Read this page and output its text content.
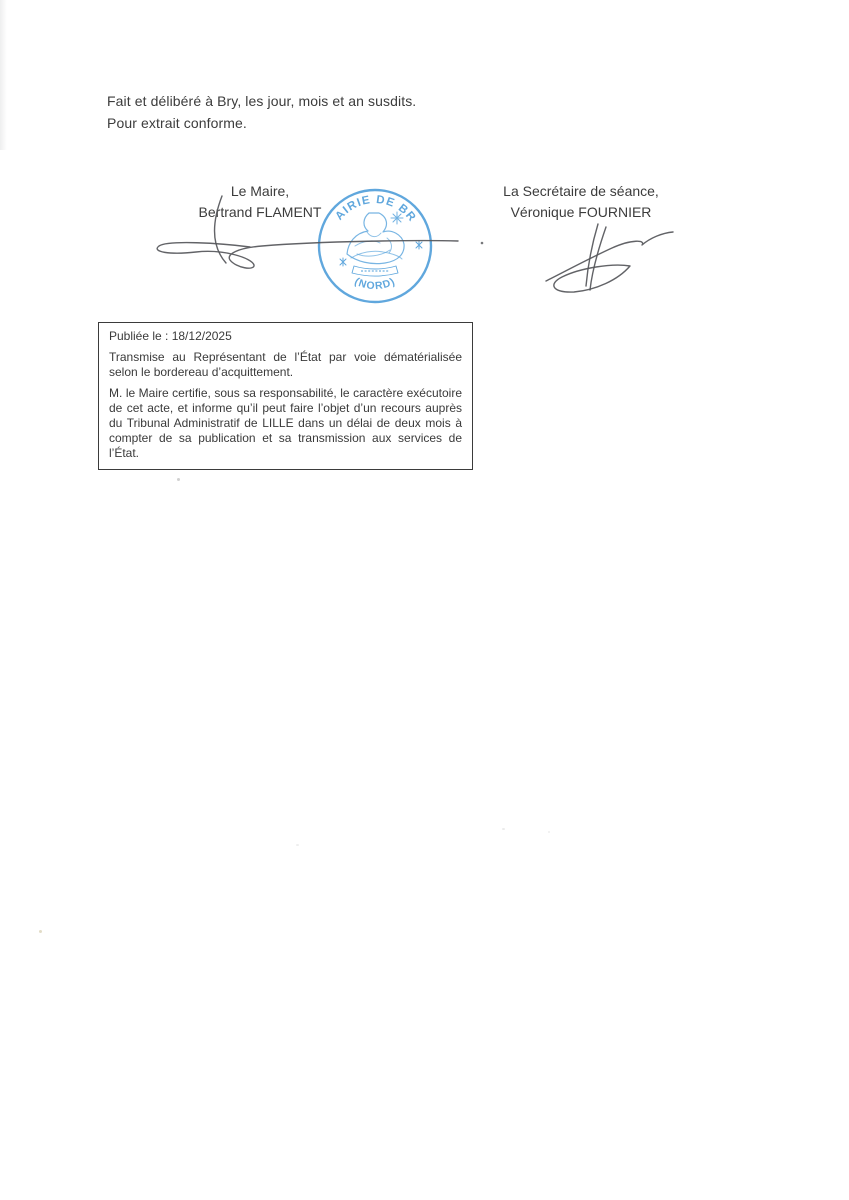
Fait et délibéré à Bry, les jour, mois et an susdits.
Pour extrait conforme.
Le Maire,
Bertrand FLAMENT
La Secrétaire de séance,
Véronique FOURNIER

Publiée le : 18/12/2025

Transmise au Représentant de l’État par voie dématérialisée selon le bordereau d’acquittement.

M. le Maire certifie, sous sa responsabilité, le caractère exécutoire de cet acte, et informe qu’il peut faire l’objet d’un recours auprès du Tribunal Administratif de LILLE dans un délai de deux mois à compter de sa publication et sa transmission aux services de l’État.

MAIRIE DE BRY
(NORD)
